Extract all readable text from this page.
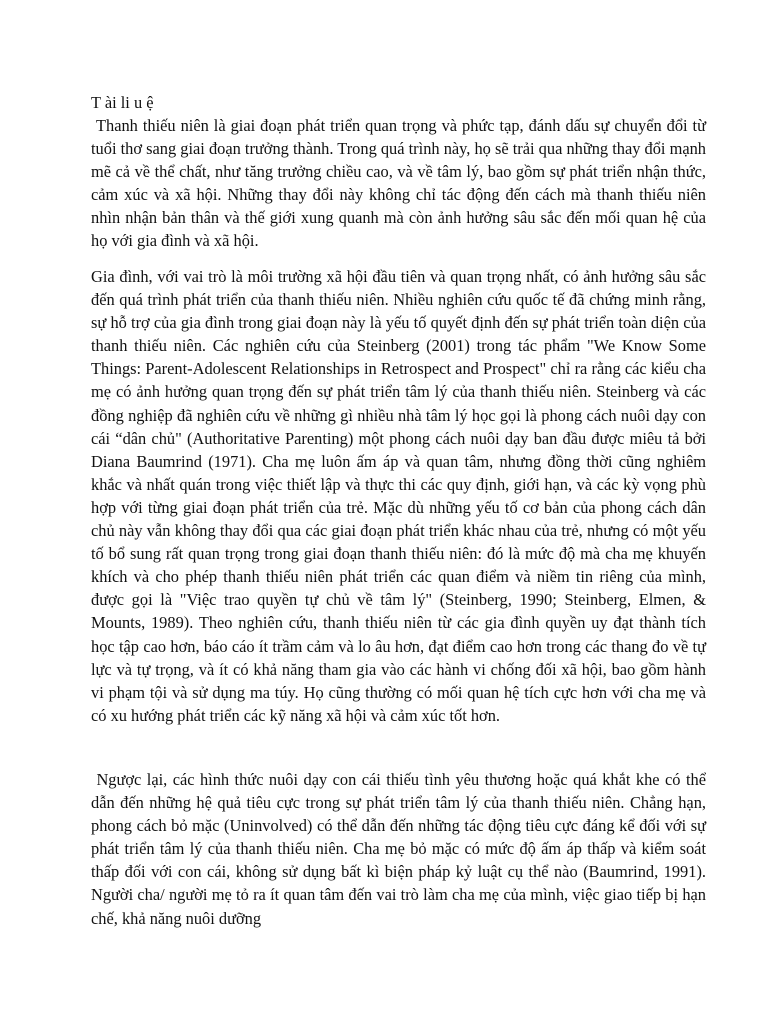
T ài li u ệ

Thanh thiếu niên là giai đoạn phát triển quan trọng và phức tạp, đánh dấu sự chuyển đổi từ tuổi thơ sang giai đoạn trưởng thành. Trong quá trình này, họ sẽ trải qua những thay đổi mạnh mẽ cả về thể chất, như tăng trưởng chiều cao, và về tâm lý, bao gồm sự phát triển nhận thức, cảm xúc và xã hội. Những thay đổi này không chỉ tác động đến cách mà thanh thiếu niên nhìn nhận bản thân và thế giới xung quanh mà còn ảnh hưởng sâu sắc đến mối quan hệ của họ với gia đình và xã hội.

Gia đình, với vai trò là môi trường xã hội đầu tiên và quan trọng nhất, có ảnh hưởng sâu sắc đến quá trình phát triển của thanh thiếu niên. Nhiều nghiên cứu quốc tế đã chứng minh rằng, sự hỗ trợ của gia đình trong giai đoạn này là yếu tố quyết định đến sự phát triển toàn diện của thanh thiếu niên. Các nghiên cứu của Steinberg (2001) trong tác phẩm "We Know Some Things: Parent-Adolescent Relationships in Retrospect and Prospect" chỉ ra rằng các kiểu cha mẹ có ảnh hưởng quan trọng đến sự phát triển tâm lý của thanh thiếu niên. Steinberg và các đồng nghiệp đã nghiên cứu về những gì nhiều nhà tâm lý học gọi là phong cách nuôi dạy con cái “dân chủ" (Authoritative Parenting) một phong cách nuôi dạy ban đầu được miêu tả bởi Diana Baumrind (1971). Cha mẹ luôn ấm áp và quan tâm, nhưng đồng thời cũng nghiêm khắc và nhất quán trong việc thiết lập và thực thi các quy định, giới hạn, và các kỳ vọng phù hợp với từng giai đoạn phát triển của trẻ. Mặc dù những yếu tố cơ bản của phong cách dân chủ này vẫn không thay đổi qua các giai đoạn phát triển khác nhau của trẻ, nhưng có một yếu tố bổ sung rất quan trọng trong giai đoạn thanh thiếu niên: đó là mức độ mà cha mẹ khuyến khích và cho phép thanh thiếu niên phát triển các quan điểm và niềm tin riêng của mình, được gọi là "Việc trao quyền tự chủ về tâm lý" (Steinberg, 1990; Steinberg, Elmen, & Mounts, 1989). Theo nghiên cứu, thanh thiếu niên từ các gia đình quyền uy đạt thành tích học tập cao hơn, báo cáo ít trầm cảm và lo âu hơn, đạt điểm cao hơn trong các thang đo về tự lực và tự trọng, và ít có khả năng tham gia vào các hành vi chống đối xã hội, bao gồm hành vi phạm tội và sử dụng ma túy. Họ cũng thường có mối quan hệ tích cực hơn với cha mẹ và có xu hướng phát triển các kỹ năng xã hội và cảm xúc tốt hơn.

Ngược lại, các hình thức nuôi dạy con cái thiếu tình yêu thương hoặc quá khắt khe có thể dẫn đến những hệ quả tiêu cực trong sự phát triển tâm lý của thanh thiếu niên. Chẳng hạn,  phong cách bỏ mặc (Uninvolved) có thể dẫn đến những tác động tiêu cực đáng kể đối với sự phát triển tâm lý của thanh thiếu niên. Cha mẹ bỏ mặc có mức độ ấm áp thấp và kiểm soát thấp đối với con cái, không sử dụng bất kì biện pháp kỷ luật cụ thể nào (Baumrind, 1991). Người cha/ người mẹ tỏ ra ít quan tâm đến vai trò làm cha mẹ của mình, việc giao tiếp bị hạn chế, khả năng nuôi dưỡng
